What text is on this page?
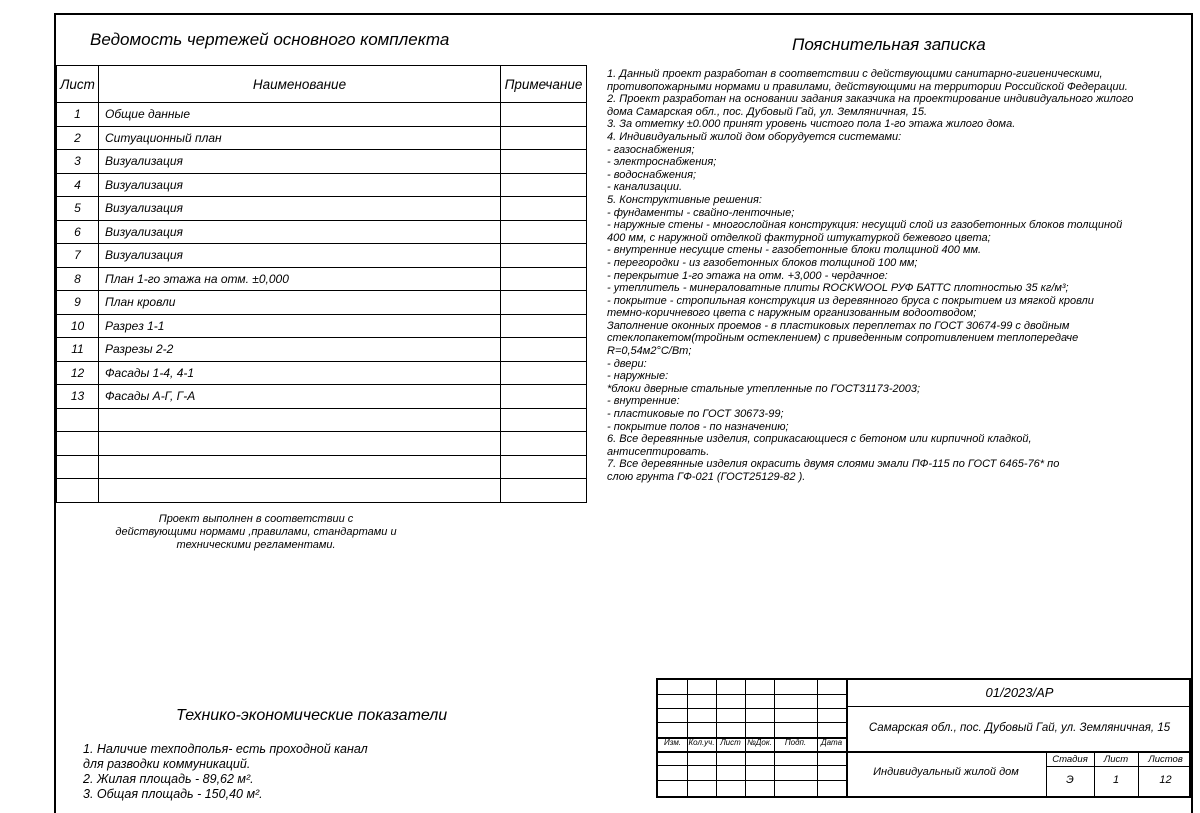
Ведомость чертежей основного комплекта	Пояснительная записка
Лист	Наименование	Примечание
1	Общие данные	
2	Ситуационный план	
3	Визуализация	
4	Визуализация	
5	Визуализация	
6	Визуализация	
7	Визуализация	
8	План 1-го этажа на отм. ±0,000	
9	План кровли	
10	Разрез 1-1	
11	Разрезы 2-2	
12	Фасады 1-4, 4-1	
13	Фасады А-Г, Г-А	

Проект выполнен в соответствии с
действующими нормами ,правилами, стандартами и
техническими регламентами.
1. Данный проект разработан в соответствии с действующими санитарно-гигиеническими,
противопожарными нормами и правилами, действующими на территории Российской Федерации.
2. Проект разработан на основании задания заказчика на проектирование индивидуального жилого
дома Самарская обл., пос. Дубовый Гай, ул. Земляничная, 15.
3. За отметку ±0.000 принят уровень чистого пола 1-го этажа жилого дома.
4. Индивидуальный жилой дом оборудуется системами:
- газоснабжения;
- электроснабжения;
- водоснабжения;
- канализации.
5. Конструктивные решения:
- фундаменты - свайно-ленточные;
- наружные стены - многослойная конструкция: несущий слой из газобетонных блоков толщиной
400 мм, с наружной отделкой фактурной штукатуркой бежевого цвета;
- внутренние несущие стены - газобетонные блоки толщиной 400 мм.
- перегородки - из газобетонных блоков толщиной 100 мм;
- перекрытие 1-го этажа на отм. +3,000 - чердачное:
- утеплитель - минераловатные плиты ROCKWOOL РУФ БАТТС плотностью 35 кг/м³;
- покрытие - стропильная конструкция из деревянного бруса с покрытием из мягкой кровли
темно-коричневого цвета с наружным организованным водоотводом;
Заполнение оконных проемов - в пластиковых переплетах по ГОСТ 30674-99 с двойным
стеклопакетом(тройным остеклением) с приведенным сопротивлением теплопередаче
R=0,54м2°С/Вт;
- двери:
- наружные:
*блоки дверные стальные утепленные по ГОСТ31173-2003;
- внутренние:
- пластиковые по ГОСТ 30673-99;
- покрытие полов - по назначению;
6. Все деревянные изделия, соприкасающиеся с бетоном или кирпичной кладкой,
антисептировать.
7. Все деревянные изделия окрасить двумя слоями эмали ПФ-115 по ГОСТ 6465-76* по
слою грунта ГФ-021 (ГОСТ25129-82 ).
Технико-экономические показатели
1. Наличие техподполья- есть проходной канал
для разводки коммуникаций.
2. Жилая площадь - 89,62 м².
3. Общая площадь - 150,40 м².
Изм. Кол.уч. Лист №Док.	Подп.	Дата
01/2023/АР
Самарская обл., пос. Дубовый Гай, ул. Земляничная, 15
Индивидуальный жилой дом
Стадия	Лист	Листов
Э	1	12
